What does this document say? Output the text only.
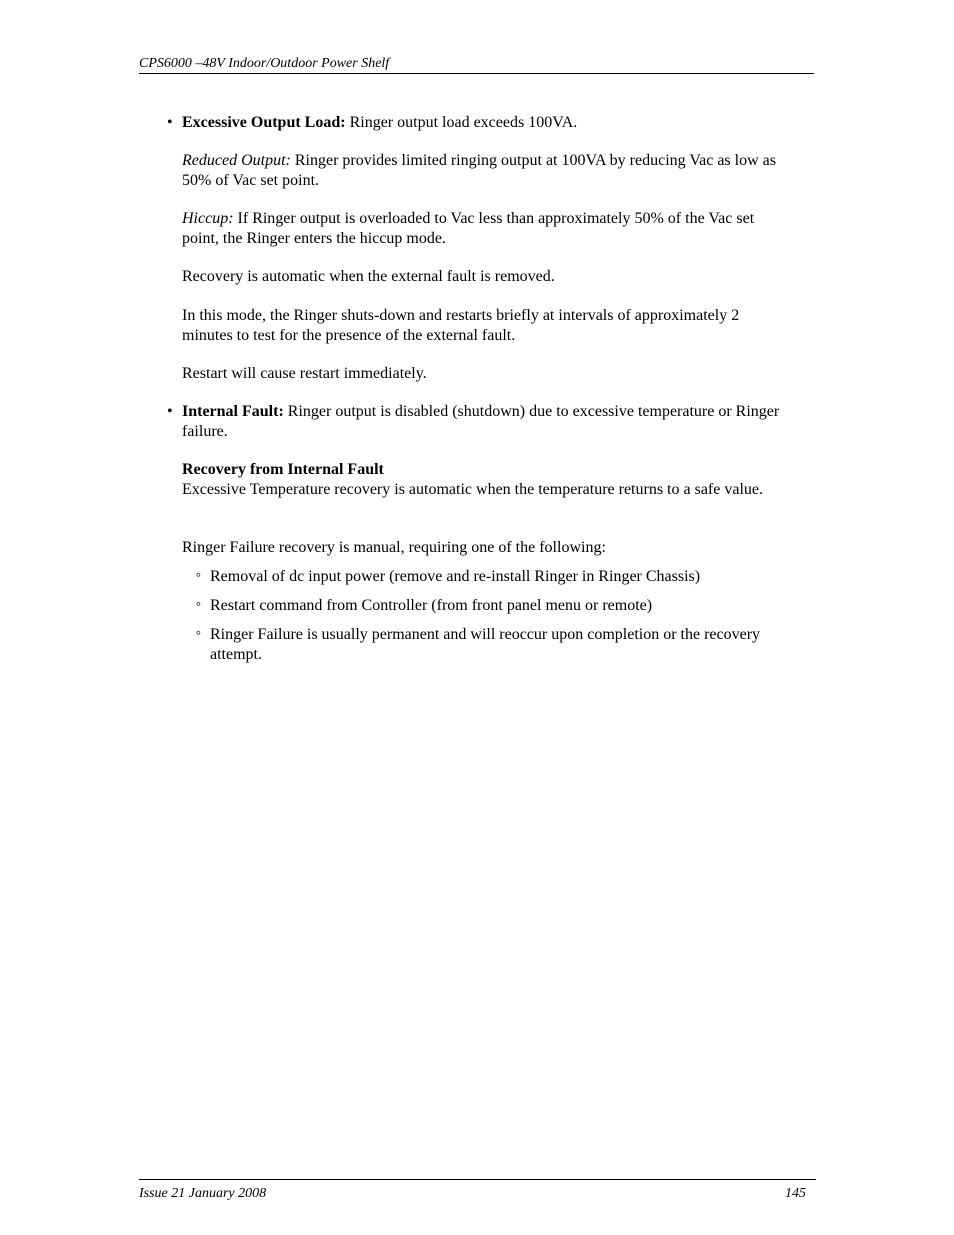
CPS6000 –48V Indoor/Outdoor Power Shelf
• Excessive Output Load: Ringer output load exceeds 100VA.
Reduced Output: Ringer provides limited ringing output at 100VA by reducing Vac as low as 50% of Vac set point.
Hiccup: If Ringer output is overloaded to Vac less than approximately 50% of the Vac set point, the Ringer enters the hiccup mode.
Recovery is automatic when the external fault is removed.
In this mode, the Ringer shuts-down and restarts briefly at intervals of approximately 2 minutes to test for the presence of the external fault.
Restart will cause restart immediately.
• Internal Fault: Ringer output is disabled (shutdown) due to excessive temperature or Ringer failure.
Recovery from Internal Fault
Excessive Temperature recovery is automatic when the temperature returns to a safe value.
Ringer Failure recovery is manual, requiring one of the following:
° Removal of dc input power (remove and re-install Ringer in Ringer Chassis)
° Restart command from Controller (from front panel menu or remote)
° Ringer Failure is usually permanent and will reoccur upon completion or the recovery attempt.
Issue 21 January 2008	145
